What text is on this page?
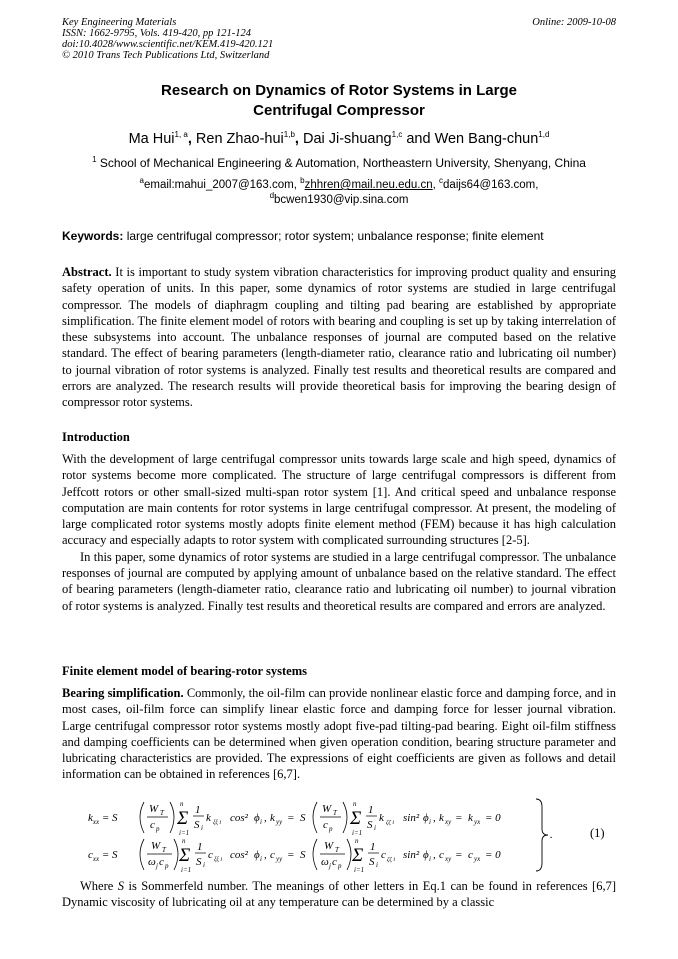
Key Engineering Materials
ISSN: 1662-9795, Vols. 419-420, pp 121-124
doi:10.4028/www.scientific.net/KEM.419-420.121
© 2010 Trans Tech Publications Ltd, Switzerland
Online: 2009-10-08
Research on Dynamics of Rotor Systems in Large
Centrifugal Compressor
Ma Hui$^{1, a}$, Ren Zhao-hui$^{1,b}$, Dai Ji-shuang$^{1,c}$ and Wen Bang-chun$^{1,d}$
$^1$ School of Mechanical Engineering & Automation, Northeastern University, Shenyang, China
$^a$email:mahui_2007@163.com, $^b$zhhren@mail.neu.edu.cn, $^c$daijs64@163.com,
$^d$bcwen1930@vip.sina.com
Keywords: large centrifugal compressor; rotor system; unbalance response; finite element

Abstract. It is important to study system vibration characteristics for improving product quality and ensuring safety operation of units. In this paper, some dynamics of rotor systems are studied in large centrifugal compressor. The models of diaphragm coupling and tilting pad bearing are established by appropriate simplification. The finite element model of rotors with bearing and coupling is set up by taking interrelation of these subsystems into account. The unbalance responses of journal are computed based on the relative standard. The effect of bearing parameters (length-diameter ratio, clearance ratio and lubricating oil number) to journal vibration of rotor systems is analyzed. Finally test results and theoretical results are compared and errors are analyzed. The research results will provide theoretical basis for improving the bearing design of compressor rotor systems.

Introduction

With the development of large centrifugal compressor units towards large scale and high speed, dynamics of rotor systems become more complicated. The structure of large centrifugal compressors is different from Jeffcott rotors or other small-sized multi-span rotor system [1]. And critical speed and unbalance response computation are main contents for rotor systems in large centrifugal compressor. At present, the modeling of large complicated rotor systems mostly adopts finite element method (FEM) because it has high calculation accuracy and especially adapts to rotor system with complicated surrounding structures [2-5].

In this paper, some dynamics of rotor systems are studied in a large centrifugal compressor. The unbalance responses of journal are computed by applying amount of unbalance based on the relative standard. The effect of bearing parameters (length-diameter ratio, clearance ratio and lubricating oil number) to journal vibration of rotor systems is analyzed. Finally test results and theoretical results are compared and errors are analyzed.

Finite element model of bearing-rotor systems

Bearing simplification. Commonly, the oil-film can provide nonlinear elastic force and damping force, and in most cases, oil-film force can simplify linear elastic force and damping force for lesser journal vibration. Large centrifugal compressor rotor systems mostly adopt five-pad tilting-pad bearing. Eight oil-film stiffness and damping coefficients can be determined when given operation condition, bearing structure parameter and lubricating characteristics are provided. The expressions of eight coefficients are given as follows and detail information can be obtained in references [6,7].

$k_{xx} = S$
W T
c p
n
Σ
i=1
1
S i
k ξξ i cos² ϕ i , k yy = S
W T
c p
n
Σ
i=1
1
S i
k ζζ i sin² ϕ i , k xy = k yx = 0
$c_{xx} = S$
W T
ω j c p
n
Σ
i=1
1
S i
c ξξ i cos² ϕ i , c yy = S
W T
ω j c p
n
Σ
i=1
1
S i
c ζζ i sin² ϕ i , c xy = c yx = 0
.	(1)

Where S is Sommerfeld number. The meanings of other letters in Eq.1 can be found in references [6,7] Dynamic viscosity of lubricating oil at any temperature can be determined by a classic
